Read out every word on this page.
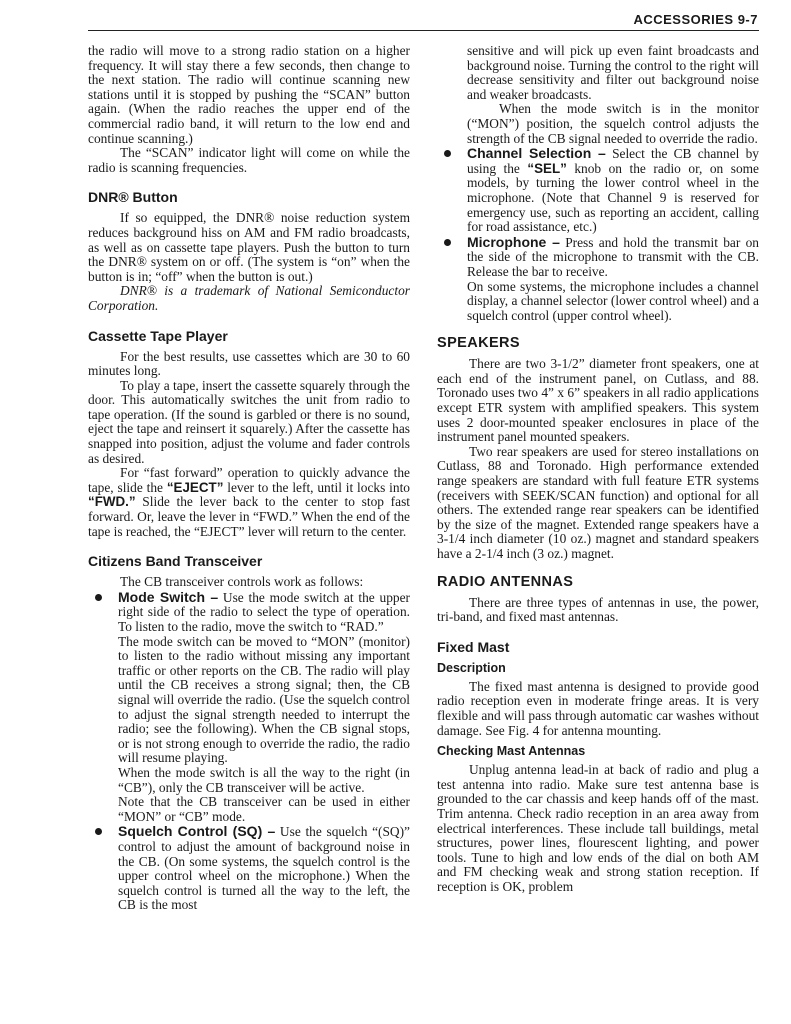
ACCESSORIES 9-7

the radio will move to a strong radio station on a higher frequency. It will stay there a few seconds, then change to the next station. The radio will continue scanning new stations until it is stopped by pushing the “SCAN” button again. (When the radio reaches the upper end of the commercial radio band, it will return to the low end and continue scanning.)

The “SCAN” indicator light will come on while the radio is scanning frequencies.

DNR® Button

If so equipped, the DNR® noise reduction system reduces background hiss on AM and FM radio broadcasts, as well as on cassette tape players. Push the button to turn the DNR® system on or off. (The system is “on” when the button is in; “off” when the button is out.)

DNR® is a trademark of National Semiconductor Corporation.

Cassette Tape Player

For the best results, use cassettes which are 30 to 60 minutes long.

To play a tape, insert the cassette squarely through the door. This automatically switches the unit from radio to tape operation. (If the sound is garbled or there is no sound, eject the tape and reinsert it squarely.) After the cassette has snapped into position, adjust the volume and fader controls as desired.

For “fast forward” operation to quickly advance the tape, slide the “EJECT” lever to the left, until it locks into “FWD.” Slide the lever back to the center to stop fast forward. Or, leave the lever in “FWD.” When the end of the tape is reached, the “EJECT” lever will return to the center.

Citizens Band Transceiver

The CB transceiver controls work as follows:

Mode Switch – Use the mode switch at the upper right side of the radio to select the type of operation. To listen to the radio, move the switch to “RAD.”

The mode switch can be moved to “MON” (monitor) to listen to the radio without missing any important traffic or other reports on the CB. The radio will play until the CB receives a strong signal; then, the CB signal will override the radio. (Use the squelch control to adjust the signal strength needed to interrupt the radio; see the following). When the CB signal stops, or is not strong enough to override the radio, the radio will resume playing.

When the mode switch is all the way to the right (in “CB”), only the CB transceiver will be active.

Note that the CB transceiver can be used in either “MON” or “CB” mode.

Squelch Control (SQ) – Use the squelch “(SQ)” control to adjust the amount of background noise in the CB. (On some systems, the squelch control is the upper control wheel on the microphone.) When the squelch control is turned all the way to the left, the CB is the most

sensitive and will pick up even faint broadcasts and background noise. Turning the control to the right will decrease sensitivity and filter out background noise and weaker broadcasts.

When the mode switch is in the monitor (“MON”) position, the squelch control adjusts the strength of the CB signal needed to override the radio.

Channel Selection – Select the CB channel by using the “SEL” knob on the radio or, on some models, by turning the lower control wheel in the microphone. (Note that Channel 9 is reserved for emergency use, such as reporting an accident, calling for road assistance, etc.)

Microphone – Press and hold the transmit bar on the side of the microphone to transmit with the CB. Release the bar to receive.

On some systems, the microphone includes a channel display, a channel selector (lower control wheel) and a squelch control (upper control wheel).

SPEAKERS

There are two 3-1/2” diameter front speakers, one at each end of the instrument panel, on Cutlass, and 88. Toronado uses two 4” x 6” speakers in all radio applications except ETR system with amplified speakers. This system uses 2 door-mounted speaker enclosures in place of the instrument panel mounted speakers.

Two rear speakers are used for stereo installations on Cutlass, 88 and Toronado. High performance extended range speakers are standard with full feature ETR systems (receivers with SEEK/SCAN function) and optional for all others. The extended range rear speakers can be identified by the size of the magnet. Extended range speakers have a 3-1/4 inch diameter (10 oz.) magnet and standard speakers have a 2-1/4 inch (3 oz.) magnet.

RADIO ANTENNAS

There are three types of antennas in use, the power, tri-band, and fixed mast antennas.

Fixed Mast
Description

The fixed mast antenna is designed to provide good radio reception even in moderate fringe areas. It is very flexible and will pass through automatic car washes without damage. See Fig. 4 for antenna mounting.

Checking Mast Antennas

Unplug antenna lead-in at back of radio and plug a test antenna into radio. Make sure test antenna base is grounded to the car chassis and keep hands off of the mast. Trim antenna. Check radio reception in an area away from electrical interferences. These include tall buildings, metal structures, power lines, flourescent lighting, and power tools. Tune to high and low ends of the dial on both AM and FM checking weak and strong station reception. If reception is OK, problem
